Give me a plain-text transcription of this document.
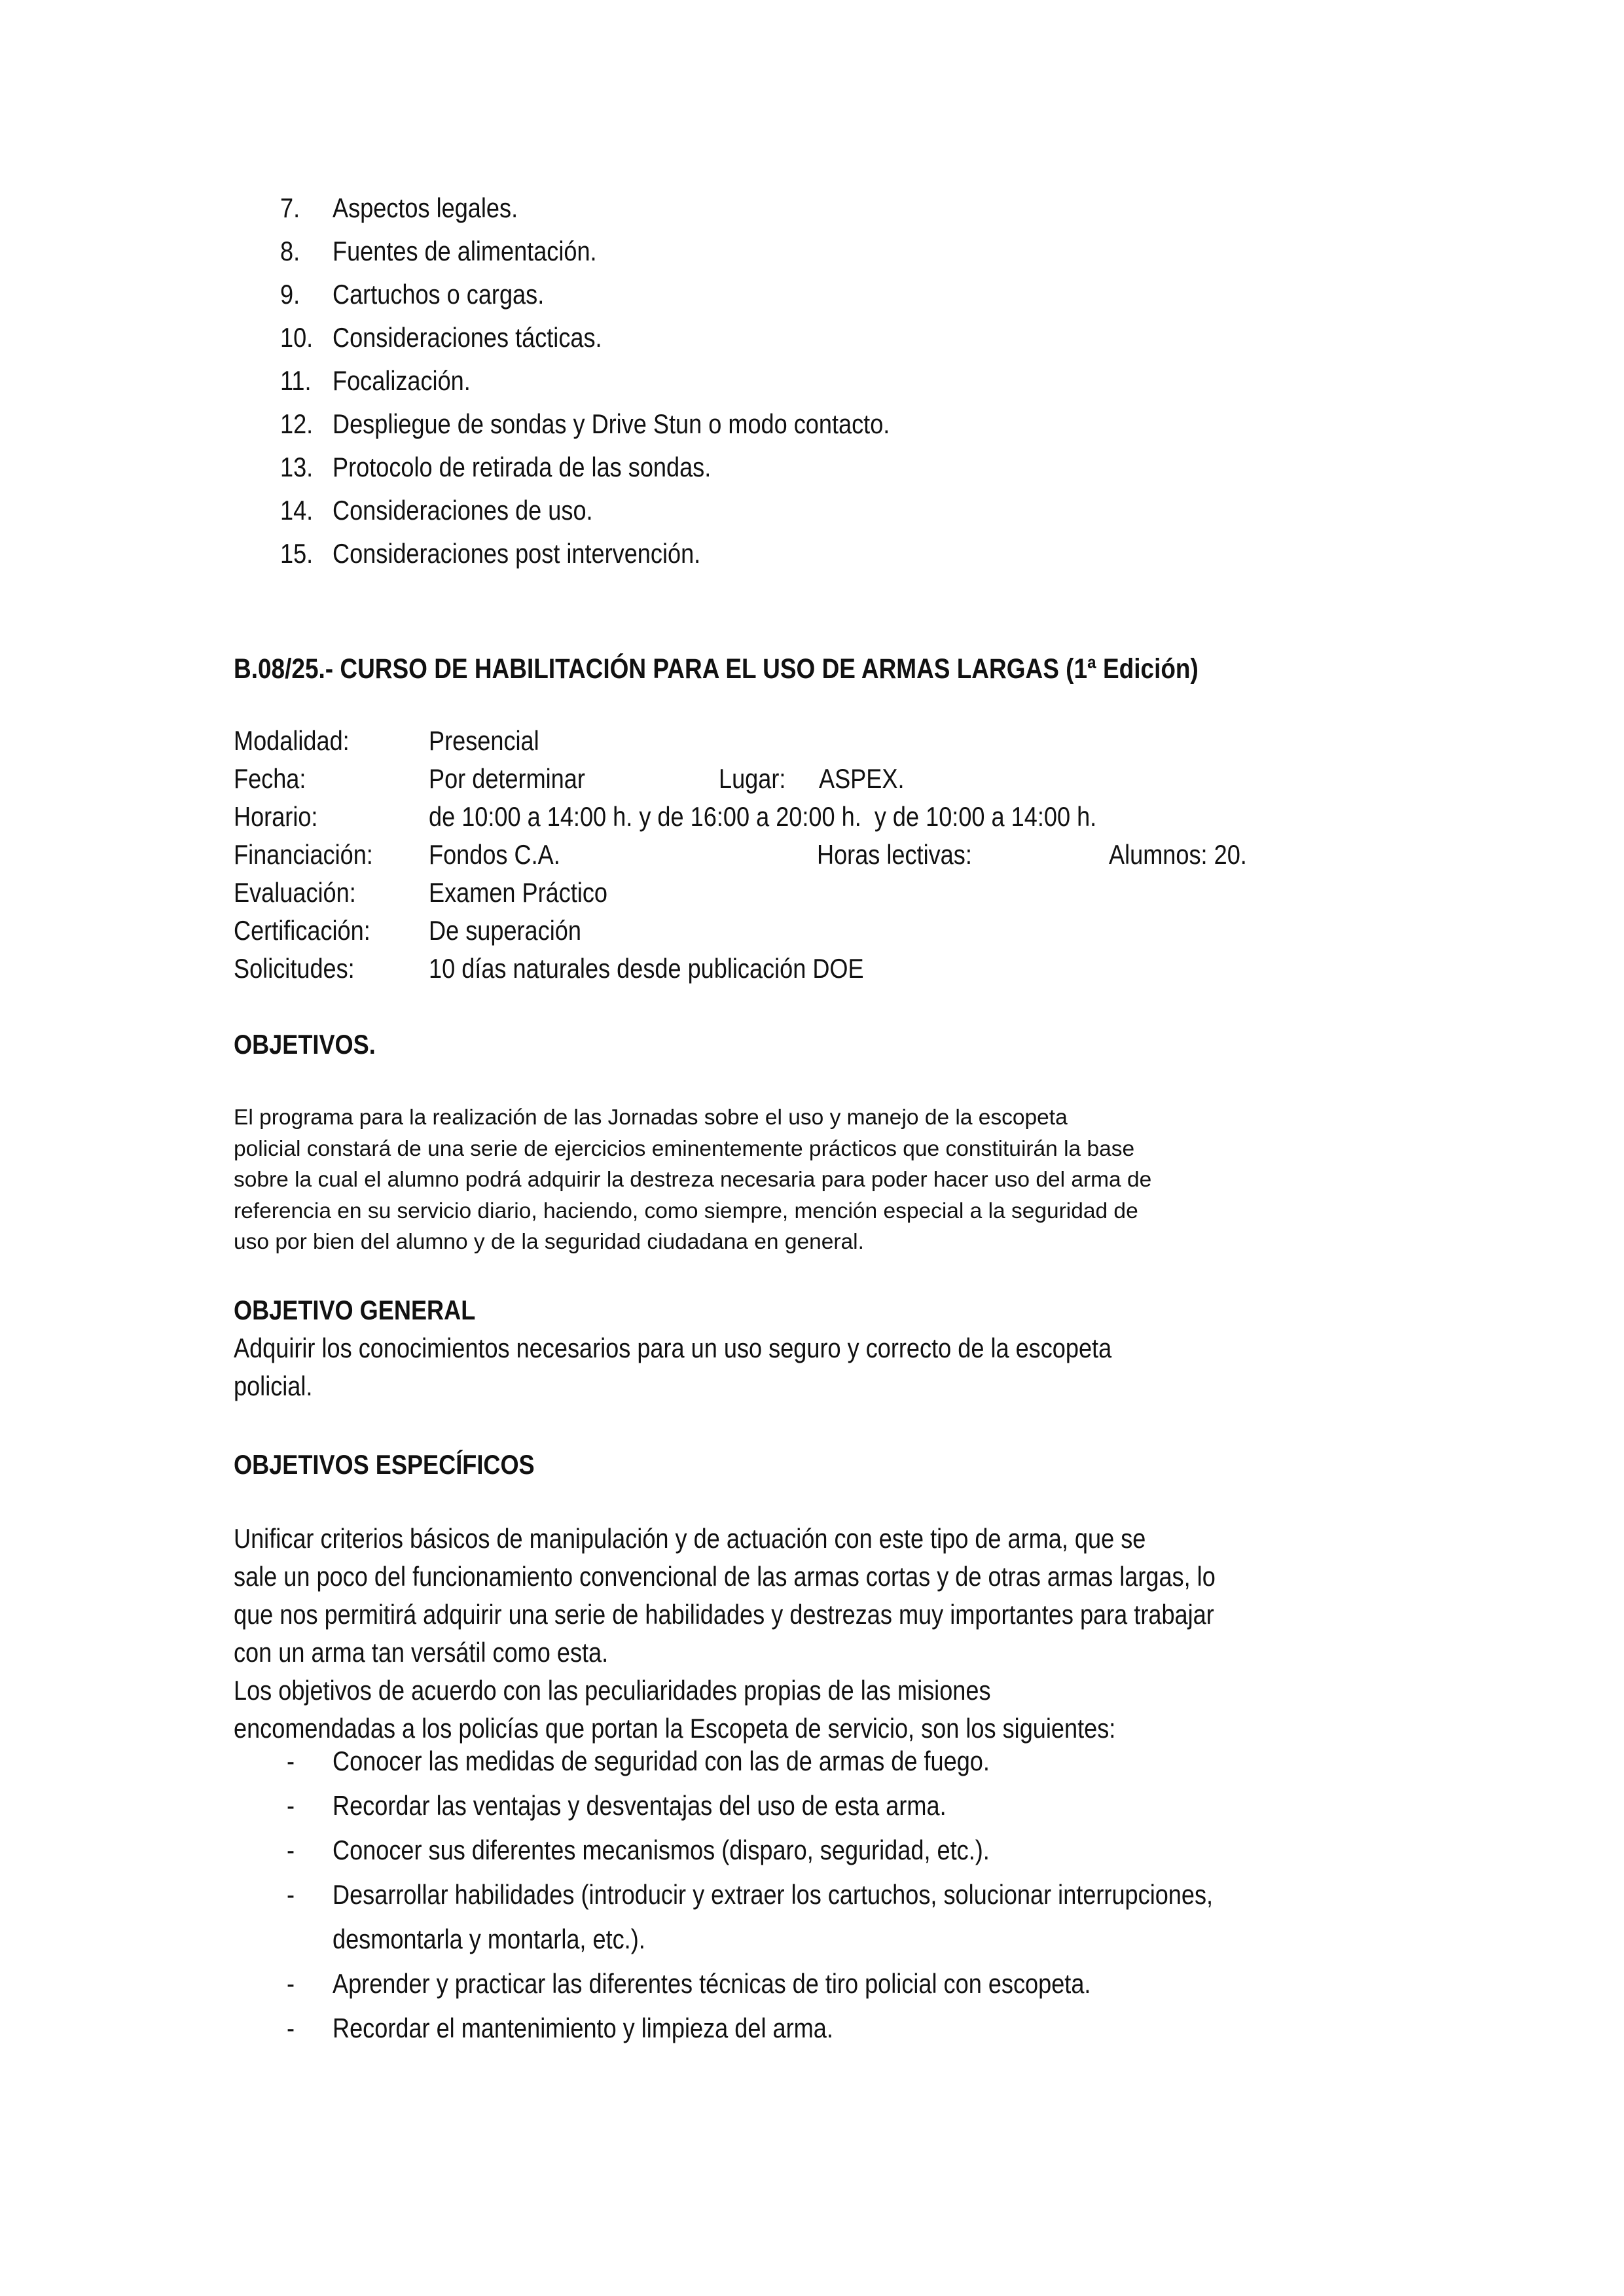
7. Aspectos legales.
8. Fuentes de alimentación.
9. Cartuchos o cargas.
10. Consideraciones tácticas.
11. Focalización.
12. Despliegue de sondas y Drive Stun o modo contacto.
13. Protocolo de retirada de las sondas.
14. Consideraciones de uso.
15. Consideraciones post intervención.
B.08/25.- CURSO DE HABILITACIÓN PARA EL USO DE ARMAS LARGAS (1ª Edición)
Modalidad:	Presencial
Fecha:	Por determinar	Lugar: ASPEX.
Horario:	de 10:00 a 14:00 h. y de 16:00 a 20:00 h.  y de 10:00 a 14:00 h.
Financiación: Fondos C.A.	Horas lectivas:	Alumnos: 20.
Evaluación:	Examen Práctico
Certificación: De superación
Solicitudes:	10 días naturales desde publicación DOE
OBJETIVOS.
El programa para la realización de las Jornadas sobre el uso y manejo de la escopeta
policial constará de una serie de ejercicios eminentemente prácticos que constituirán la base
sobre la cual el alumno podrá adquirir la destreza necesaria para poder hacer uso del arma de
referencia en su servicio diario, haciendo, como siempre, mención especial a la seguridad de
uso por bien del alumno y de la seguridad ciudadana en general.
OBJETIVO GENERAL
Adquirir los conocimientos necesarios para un uso seguro y correcto de la escopeta
policial.
OBJETIVOS ESPECÍFICOS
Unificar criterios básicos de manipulación y de actuación con este tipo de arma, que se
sale un poco del funcionamiento convencional de las armas cortas y de otras armas largas, lo
que nos permitirá adquirir una serie de habilidades y destrezas muy importantes para trabajar
con un arma tan versátil como esta.
Los objetivos de acuerdo con las peculiaridades propias de las misiones
encomendadas a los policías que portan la Escopeta de servicio, son los siguientes:
- Conocer las medidas de seguridad con las de armas de fuego.
- Recordar las ventajas y desventajas del uso de esta arma.
- Conocer sus diferentes mecanismos (disparo, seguridad, etc.).
- Desarrollar habilidades (introducir y extraer los cartuchos, solucionar interrupciones,
desmontarla y montarla, etc.).
- Aprender y practicar las diferentes técnicas de tiro policial con escopeta.
- Recordar el mantenimiento y limpieza del arma.
